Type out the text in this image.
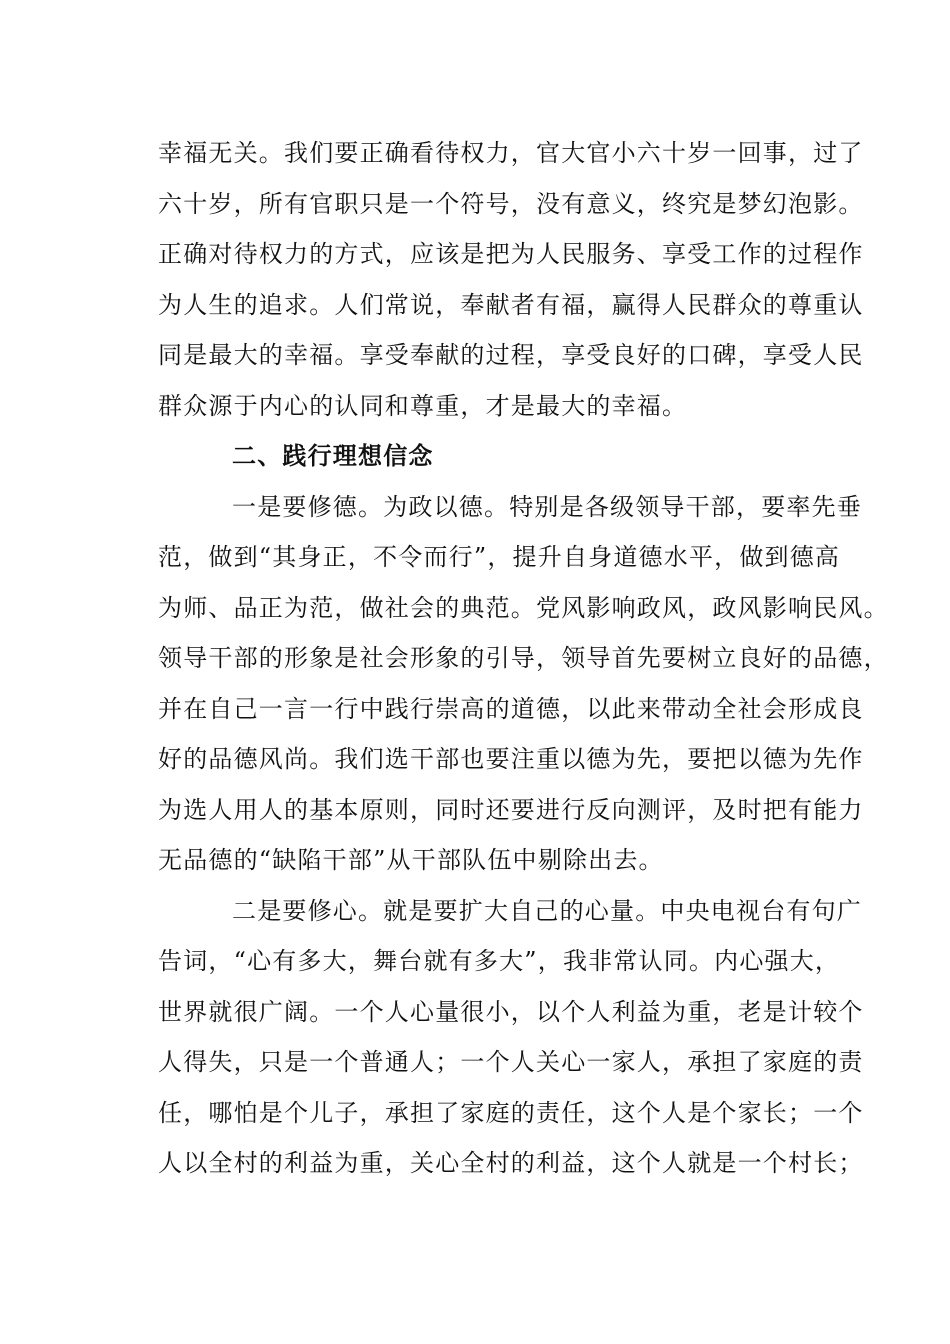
幸福无关。我们要正确看待权力，官大官小六十岁一回事，过了
六十岁，所有官职只是一个符号，没有意义，终究是梦幻泡影。
正确对待权力的方式，应该是把为人民服务、享受工作的过程作
为人生的追求。人们常说，奉献者有福，赢得人民群众的尊重认
同是最大的幸福。享受奉献的过程，享受良好的口碑，享受人民
群众源于内心的认同和尊重，才是最大的幸福。
二、践行理想信念
一是要修德。为政以德。特别是各级领导干部，要率先垂
范，做到“其身正，不令而行”，提升自身道德水平，做到德高
为师、品正为范，做社会的典范。党风影响政风，政风影响民风。
领导干部的形象是社会形象的引导，领导首先要树立良好的品德，
并在自己一言一行中践行崇高的道德，以此来带动全社会形成良
好的品德风尚。我们选干部也要注重以德为先，要把以德为先作
为选人用人的基本原则，同时还要进行反向测评，及时把有能力
无品德的“缺陷干部”从干部队伍中剔除出去。
二是要修心。就是要扩大自己的心量。中央电视台有句广
告词，“心有多大，舞台就有多大”，我非常认同。内心强大，
世界就很广阔。一个人心量很小，以个人利益为重，老是计较个
人得失，只是一个普通人；一个人关心一家人，承担了家庭的责
任，哪怕是个儿子，承担了家庭的责任，这个人是个家长；一个
人以全村的利益为重，关心全村的利益，这个人就是一个村长；
